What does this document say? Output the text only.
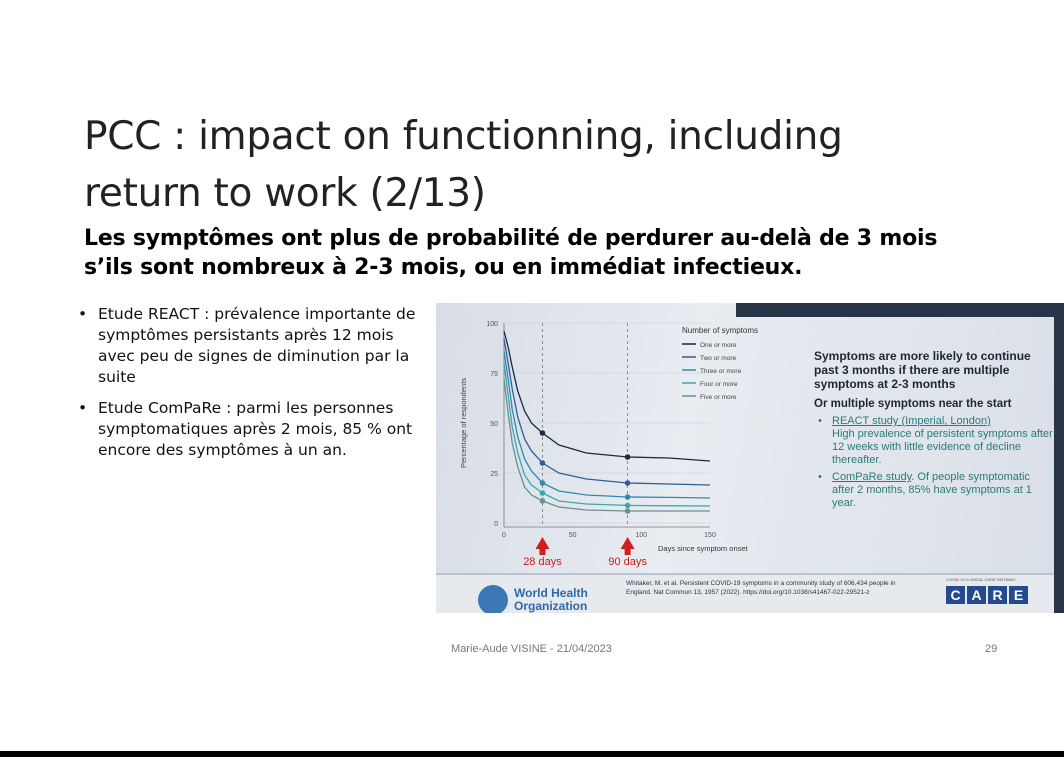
PCC : impact on functionning, including
return to work (2/13)
Les symptômes ont plus de probabilité de perdurer au-delà de 3 mois
s’ils sont nombreux à 2-3 mois, ou en immédiat infectieux.
• Etude REACT : prévalence importante de symptômes persistants après 12 mois avec peu de signes de diminution par la suite
• Etude ComPaRe : parmi les personnes symptomatiques après 2 mois, 85 % ont encore des symptômes à un an.
0
25
50
75
100
0	50	100	150
Percentage of respondents
Days since symptom onset
Number of symptoms
One or more
Two or more
Three or more
Four or more
Five or more
28 days	90 days

Symptoms are more likely to continue past 3 months if there are multiple symptoms at 2-3 months

Or multiple symptoms near the start

• REACT study (Imperial, London)
High prevalence of persistent symptoms after 12 weeks with little evidence of decline thereafter.
• ComPaRe study. Of people symptomatic after 2 months, 85% have symptoms at 1 year.
World Health
Organization
Whitaker, M. et al. Persistent COVID-19 symptoms in a community study of 606,434 people in England. Nat Commun 13, 1957 (2022). https://doi.org/10.1038/s41467-022-29521-z
COVID-19 CLINICAL CARE PATHWAY
C A R E
Marie-Aude VISINE - 21/04/2023	29
